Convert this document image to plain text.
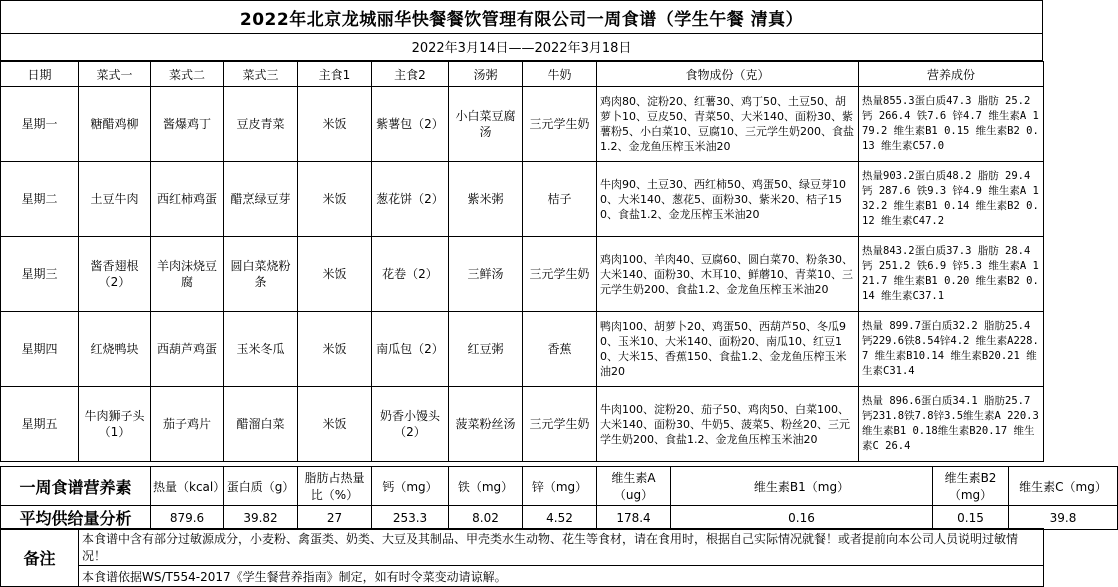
2022年北京龙城丽华快餐餐饮管理有限公司一周食谱（学生午餐 清真）
2022年3月14日——2022年3月18日
日期	菜式一	菜式二	菜式三	主食1	主食2	汤粥	牛奶	食物成份（克）	营养成份
星期一	糖醋鸡柳	酱爆鸡丁	豆皮青菜	米饭	紫薯包（2）	小白菜豆腐汤	三元学生奶	鸡肉80、淀粉20、红薯30、鸡丁50、土豆50、胡萝卜10、豆皮50、青菜50、大米140、面粉30、紫薯粉5、小白菜10、豆腐10、三元学生奶200、食盐1.2、金龙鱼压榨玉米油20	热量855.3蛋白质47.3 脂肪 25.2 钙 266.4 铁7.6 锌4.7 维生素A 179.2 维生素B1 0.15 维生素B2 0.13 维生素C57.0
星期二	土豆牛肉	西红柿鸡蛋	醋烹绿豆芽	米饭	葱花饼（2）	紫米粥	桔子	牛肉90、土豆30、西红柿50、鸡蛋50、绿豆芽100、大米140、葱花5、面粉30、紫米20、桔子150、食盐1.2、金龙压榨玉米油20	热量903.2蛋白质48.2 脂肪 29.4 钙 287.6 铁9.3 锌4.9 维生素A 132.2 维生素B1 0.14 维生素B2 0.12 维生素C47.2
星期三	酱香翅根（2）	羊肉沫烧豆腐	圆白菜烧粉条	米饭	花卷（2）	三鲜汤	三元学生奶	鸡肉100、羊肉40、豆腐60、圆白菜70、粉条30、大米140、面粉30、木耳10、鲜蘑10、青菜10、三元学生奶200、食盐1.2、金龙鱼压榨玉米油20	热量843.2蛋白质37.3 脂肪 28.4 钙 251.2 铁6.9 锌5.3 维生素A 121.7 维生素B1 0.20 维生素B2 0.14 维生素C37.1
星期四	红烧鸭块	西葫芦鸡蛋	玉米冬瓜	米饭	南瓜包（2）	红豆粥	香蕉	鸭肉100、胡萝卜20、鸡蛋50、西葫芦50、冬瓜90、玉米10、大米140、面粉20、南瓜10、红豆10、大米15、香蕉150、食盐1.2、金龙鱼压榨玉米油20	热量 899.7蛋白质32.2 脂肪25.4 钙229.6铁8.54锌4.2 维生素A228.7 维生素B10.14 维生素B20.21 维生素C31.4
星期五	牛肉狮子头（1）	茄子鸡片	醋溜白菜	米饭	奶香小馒头（2）	菠菜粉丝汤	三元学生奶	牛肉100、淀粉20、茄子50、鸡肉50、白菜100、大米140、面粉30、牛奶5、菠菜5、粉丝20、三元学生奶200、食盐1.2、金龙鱼压榨玉米油20	热量 896.6蛋白质34.1 脂肪25.7 钙231.8铁7.8锌3.5维生素A 220.3维生素B1 0.18维生素B20.17 维生素C 26.4
一周食谱营养素	热量（kcal）	蛋白质（g）	脂肪占热量比（%）	钙（mg）	铁（mg）	锌（mg）	维生素A（ug）	维生素B1（mg）	维生素B2（mg）	维生素C（mg）
平均供给量分析	879.6	39.82	27	253.3	8.02	4.52	178.4	0.16	0.15	39.8
备注	本食谱中含有部分过敏源成分，小麦粉、禽蛋类、奶类、大豆及其制品、甲壳类水生动物、花生等食材，请在食用时，根据自己实际情况就餐！或者提前向本公司人员说明过敏情况！
本食谱依据WS/T554-2017《学生餐营养指南》制定，如有时令菜变动请谅解。
